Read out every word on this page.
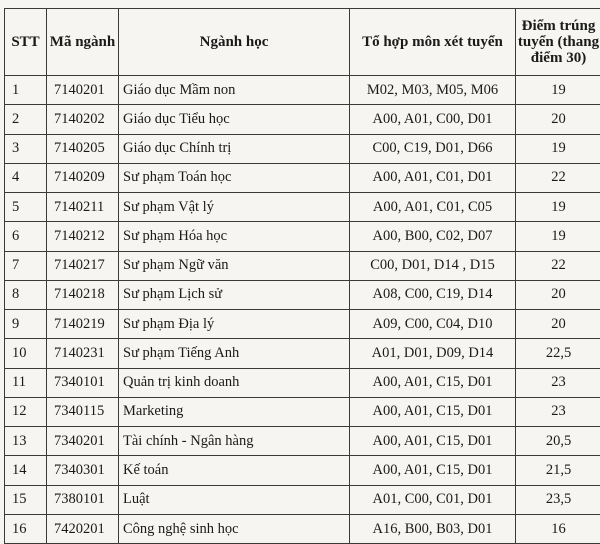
STT	Mã ngành	Ngành học	Tổ hợp môn xét tuyển	Điểm trúng tuyển (thang điểm 30)
1	7140201	Giáo dục Mầm non	M02, M03, M05, M06	19
2	7140202	Giáo dục Tiểu học	A00, A01, C00, D01	20
3	7140205	Giáo dục Chính trị	C00, C19, D01, D66	19
4	7140209	Sư phạm Toán học	A00, A01, C01, D01	22
5	7140211	Sư phạm Vật lý	A00, A01, C01, C05	19
6	7140212	Sư phạm Hóa học	A00, B00, C02, D07	19
7	7140217	Sư phạm Ngữ văn	C00, D01, D14 , D15	22
8	7140218	Sư phạm Lịch sử	A08, C00, C19, D14	20
9	7140219	Sư phạm Địa lý	A09, C00, C04, D10	20
10	7140231	Sư phạm Tiếng Anh	A01, D01, D09, D14	22,5
11	7340101	Quản trị kinh doanh	A00, A01, C15, D01	23
12	7340115	Marketing	A00, A01, C15, D01	23
13	7340201	Tài chính - Ngân hàng	A00, A01, C15, D01	20,5
14	7340301	Kế toán	A00, A01, C15, D01	21,5
15	7380101	Luật	A01, C00, C01, D01	23,5
16	7420201	Công nghệ sinh học	A16, B00, B03, D01	16
